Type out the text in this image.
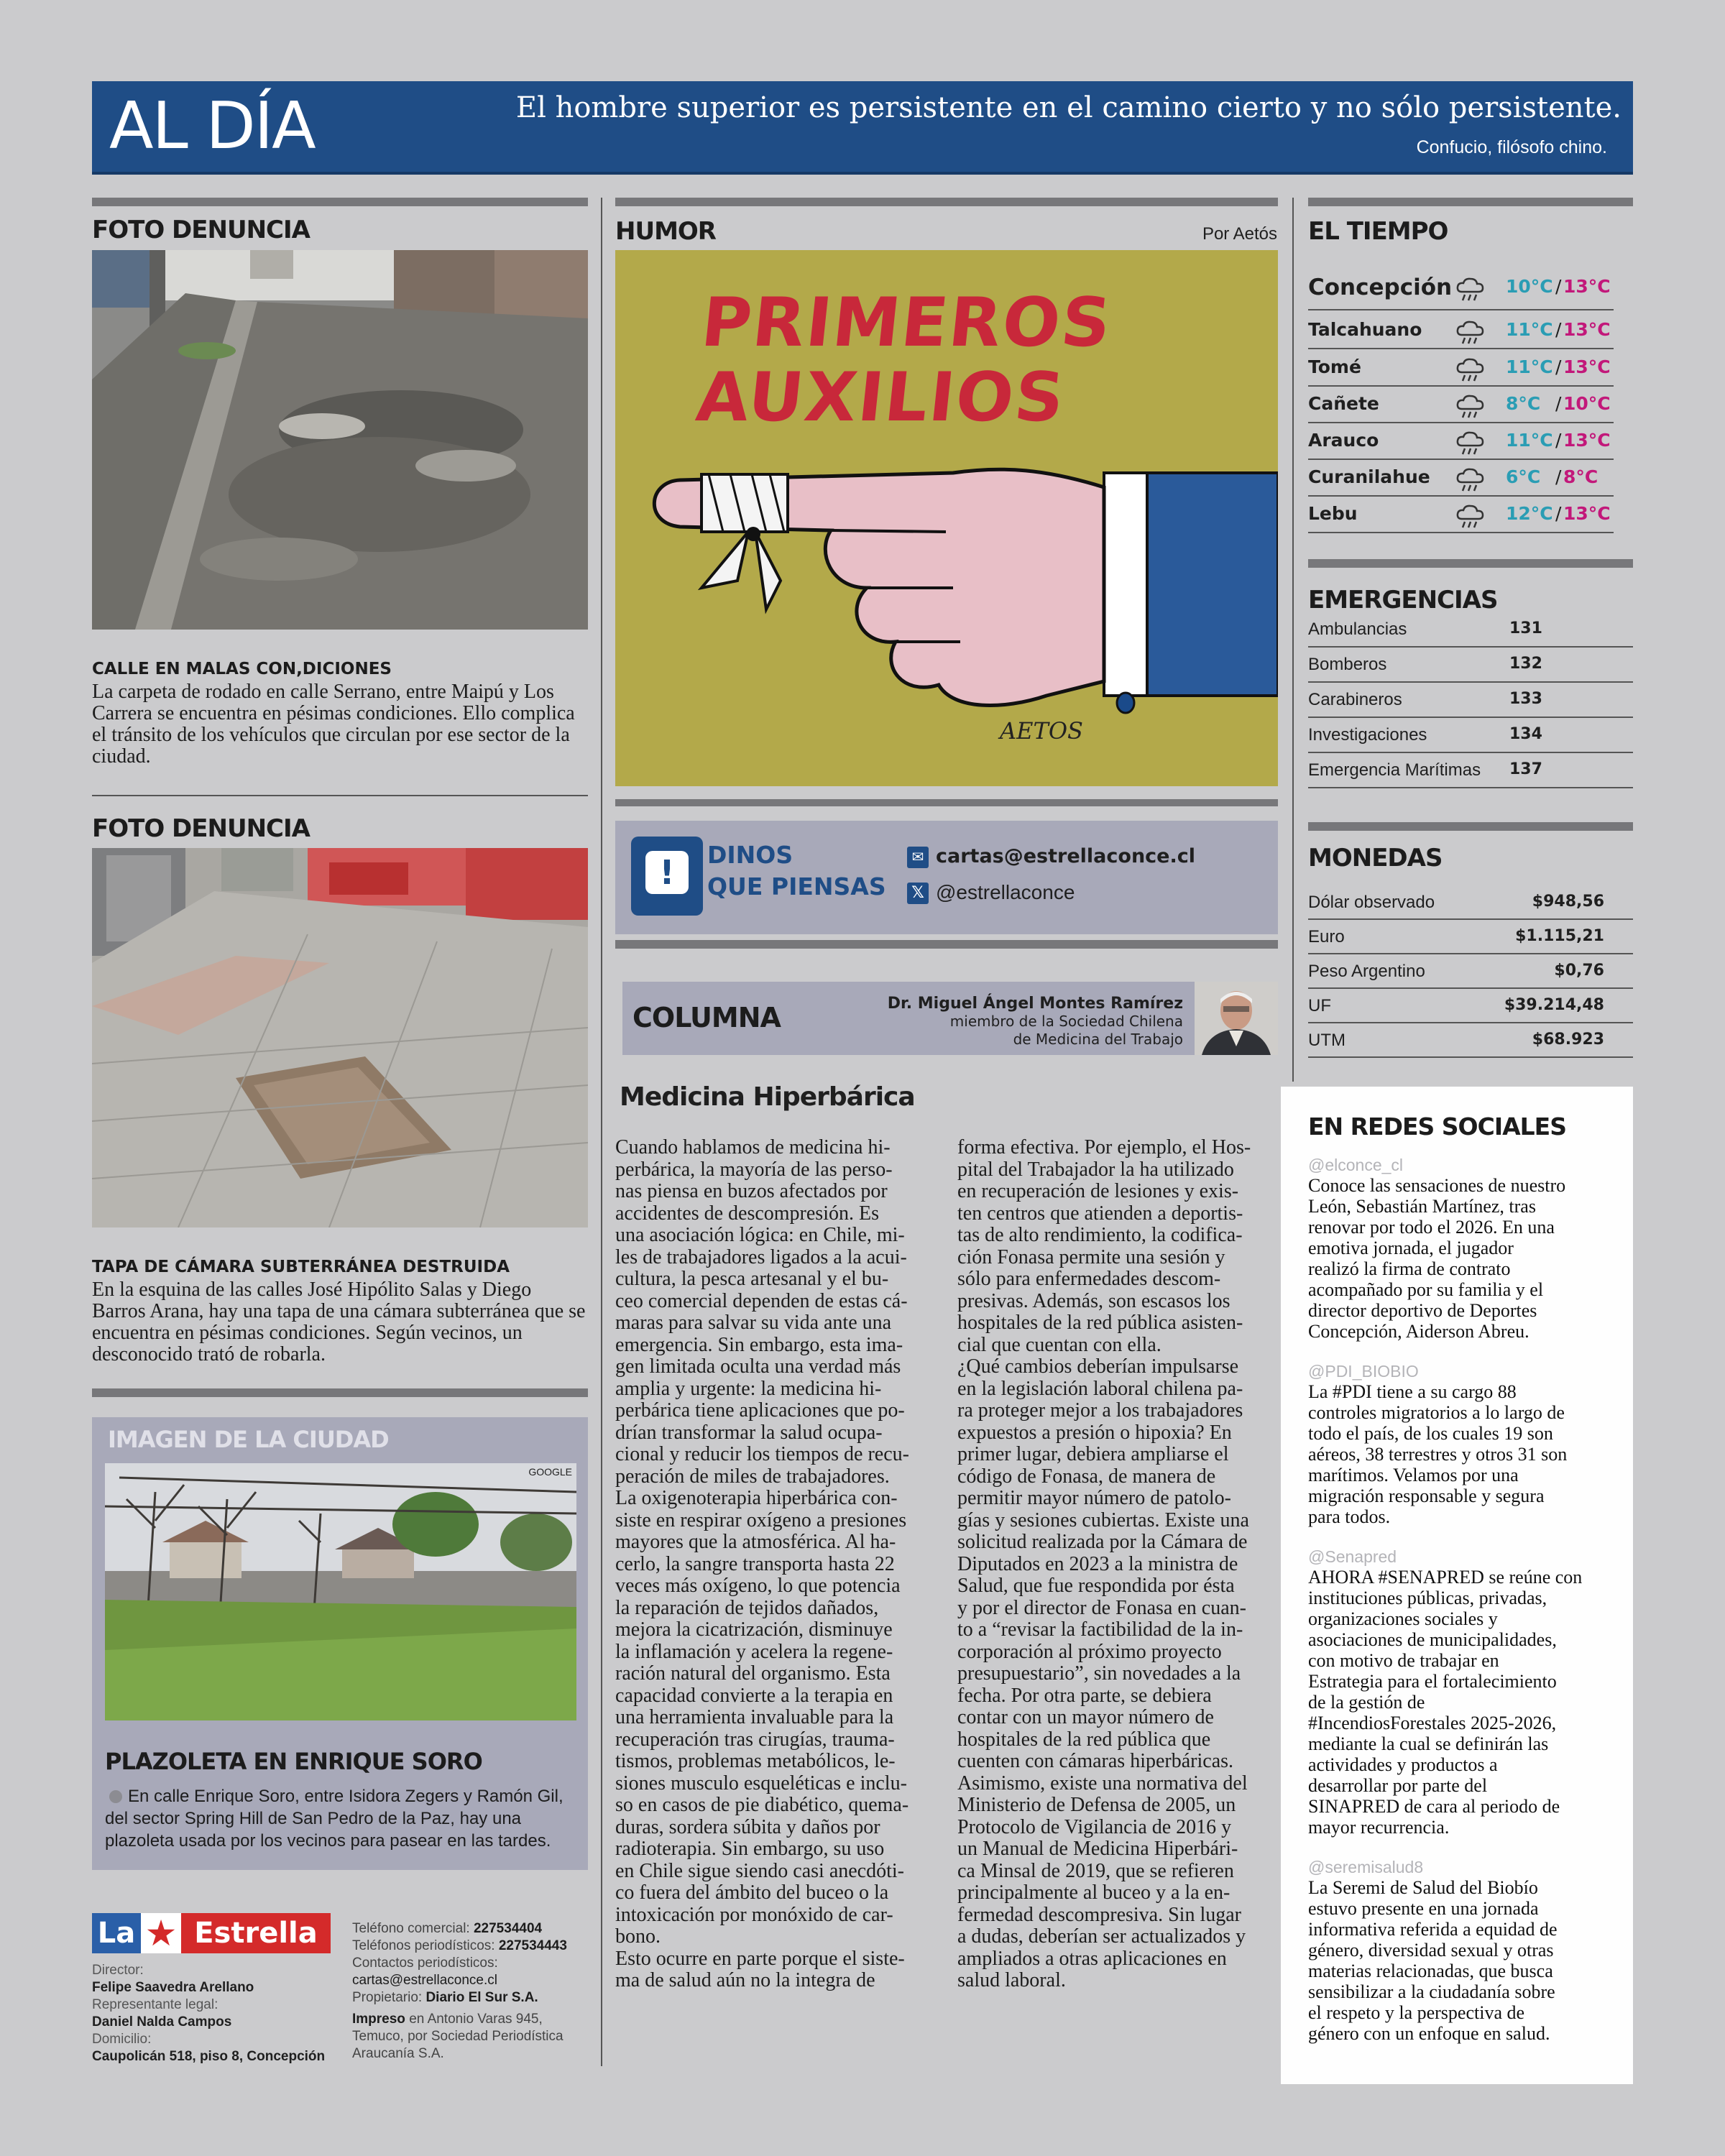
AL DÍA	El hombre superior es persistente en el camino cierto y no sólo persistente.
Confucio, filósofo chino.
FOTO DENUNCIA
CALLE EN MALAS CON,DICIONES
La carpeta de rodado en calle Serrano, entre Maipú y Los Carrera se encuentra en pésimas condiciones. Ello complica el tránsito de los vehículos que circulan por ese sector de la ciudad.
FOTO DENUNCIA
TAPA DE CÁMARA SUBTERRÁNEA DESTRUIDA
En la esquina de las calles José Hipólito Salas y Diego Barros Arana, hay una tapa de una cámara subterránea que se encuentra en pésimas condiciones. Según vecinos, un desconocido trató de robarla.
IMAGEN DE LA CIUDAD
GOOGLE
PLAZOLETA EN ENRIQUE SORO
En calle Enrique Soro, entre Isidora Zegers y Ramón Gil, del sector Spring Hill de San Pedro de la Paz, hay una plazoleta usada por los vecinos para pasear en las tardes.
La ★ Estrella
Director:
Felipe Saavedra Arellano
Representante legal:
Daniel Nalda Campos
Domicilio:
Caupolicán 518, piso 8, Concepción
Teléfono comercial: 227534404
Teléfonos periodísticos: 227534443
Contactos periodísticos:
cartas@estrellaconce.cl
Propietario: Diario El Sur S.A.
Impreso en Antonio Varas 945, Temuco, por Sociedad Periodística Araucanía S.A.
HUMOR	Por Aetós
PRIMEROS
AUXILIOS
AETOS
!	DINOS
QUE PIENSAS
✉ cartas@estrellaconce.cl
𝕏 @estrellaconce
COLUMNA	Dr. Miguel Ángel Montes Ramírez
miembro de la Sociedad Chilena
de Medicina del Trabajo
Medicina Hiperbárica
Cuando hablamos de medicina hi-
perbárica, la mayoría de las perso-
nas piensa en buzos afectados por
accidentes de descompresión. Es
una asociación lógica: en Chile, mi-
les de trabajadores ligados a la acui-
cultura, la pesca artesanal y el bu-
ceo comercial dependen de estas cá-
maras para salvar su vida ante una
emergencia. Sin embargo, esta ima-
gen limitada oculta una verdad más
amplia y urgente: la medicina hi-
perbárica tiene aplicaciones que po-
drían transformar la salud ocupa-
cional y reducir los tiempos de recu-
peración de miles de trabajadores.
La oxigenoterapia hiperbárica con-
siste en respirar oxígeno a presiones
mayores que la atmosférica. Al ha-
cerlo, la sangre transporta hasta 22
veces más oxígeno, lo que potencia
la reparación de tejidos dañados,
mejora la cicatrización, disminuye
la inflamación y acelera la regene-
ración natural del organismo. Esta
capacidad convierte a la terapia en
una herramienta invaluable para la
recuperación tras cirugías, trauma-
tismos, problemas metabólicos, le-
siones musculo esqueléticas e inclu-
so en casos de pie diabético, quema-
duras, sordera súbita y daños por
radioterapia. Sin embargo, su uso
en Chile sigue siendo casi anecdóti-
co fuera del ámbito del buceo o la
intoxicación por monóxido de car-
bono.
Esto ocurre en parte porque el siste-
ma de salud aún no la integra de
forma efectiva. Por ejemplo, el Hos-
pital del Trabajador la ha utilizado
en recuperación de lesiones y exis-
ten centros que atienden a deportis-
tas de alto rendimiento, la codifica-
ción Fonasa permite una sesión y
sólo para enfermedades descom-
presivas. Además, son escasos los
hospitales de la red pública asisten-
cial que cuentan con ella.
¿Qué cambios deberían impulsarse
en la legislación laboral chilena pa-
ra proteger mejor a los trabajadores
expuestos a presión o hipoxia? En
primer lugar, debiera ampliarse el
código de Fonasa, de manera de
permitir mayor número de patolo-
gías y sesiones cubiertas. Existe una
solicitud realizada por la Cámara de
Diputados en 2023 a la ministra de
Salud, que fue respondida por ésta
y por el director de Fonasa en cuan-
to a “revisar la factibilidad de la in-
corporación al próximo proyecto
presupuestario”, sin novedades a la
fecha. Por otra parte, se debiera
contar con un mayor número de
hospitales de la red pública que
cuenten con cámaras hiperbáricas.
Asimismo, existe una normativa del
Ministerio de Defensa de 2005, un
Protocolo de Vigilancia de 2016 y
un Manual de Medicina Hiperbári-
ca Minsal de 2019, que se refieren
principalmente al buceo y a la en-
fermedad descompresiva. Sin lugar
a dudas, deberían ser actualizados y
ampliados a otras aplicaciones en
salud laboral.
EL TIEMPO
Concepción	10°C / 13°C
Talcahuano	11°C / 13°C
Tomé	11°C / 13°C
Cañete	8°C / 10°C
Arauco	11°C / 13°C
Curanilahue	6°C / 8°C
Lebu	12°C / 13°C
EMERGENCIAS
Ambulancias	131
Bomberos	132
Carabineros	133
Investigaciones	134
Emergencia Marítimas 137
MONEDAS
Dólar observado	$948,56
Euro	$1.115,21
Peso Argentino	$0,76
UF	$39.214,48
UTM	$68.923
EN REDES SOCIALES
@elconce_cl
Conoce las sensaciones de nuestro
León, Sebastián Martínez, tras
renovar por todo el 2026. En una
emotiva jornada, el jugador
realizó la firma de contrato
acompañado por su familia y el
director deportivo de Deportes
Concepción, Aiderson Abreu.
@PDI_BIOBIO
La #PDI tiene a su cargo 88
controles migratorios a lo largo de
todo el país, de los cuales 19 son
aéreos, 38 terrestres y otros 31 son
marítimos. Velamos por una
migración responsable y segura
para todos.
@Senapred
AHORA #SENAPRED se reúne con
instituciones públicas, privadas,
organizaciones sociales y
asociaciones de municipalidades,
con motivo de trabajar en
Estrategia para el fortalecimiento
de la gestión de
#IncendiosForestales 2025-2026,
mediante la cual se definirán las
actividades y productos a
desarrollar por parte del
SINAPRED de cara al periodo de
mayor recurrencia.
@seremisalud8
La Seremi de Salud del Biobío
estuvo presente en una jornada
informativa referida a equidad de
género, diversidad sexual y otras
materias relacionadas, que busca
sensibilizar a la ciudadanía sobre
el respeto y la perspectiva de
género con un enfoque en salud.
